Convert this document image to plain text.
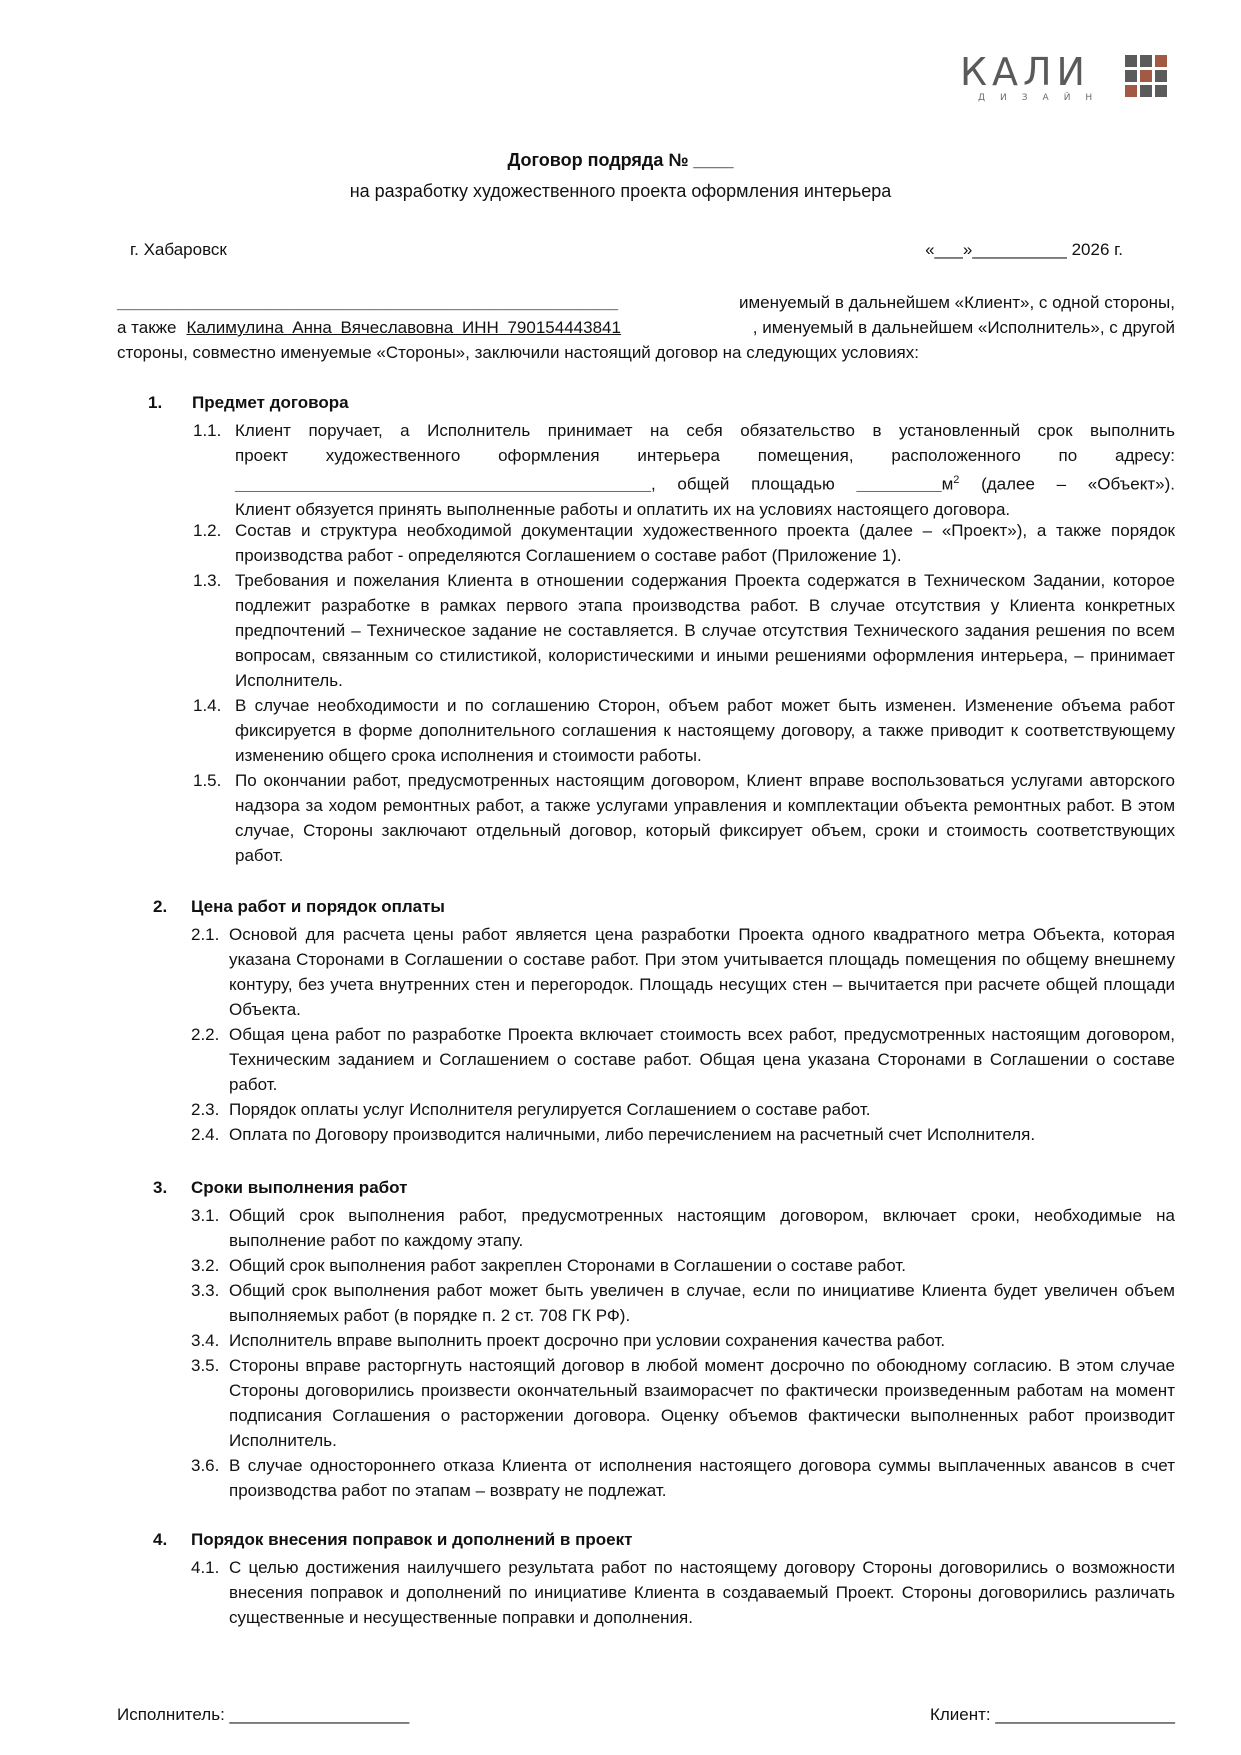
КАЛИ
ДИЗАЙН
Договор подряда № ____
на разработку художественного проекта оформления интерьера
г. Хабаровск	«___»__________ 2026 г.
_____________________________________________________	именуемый в дальнейшем «Клиент», с одной стороны,
а также Калимулина Анна Вячеславовна ИНН 790154443841	, именуемый в дальнейшем «Исполнитель», с другой
стороны, совместно именуемые «Стороны», заключили настоящий договор на следующих условиях:
1. Предмет договора
1.1. Клиент поручает, а Исполнитель принимает на себя обязательство в установленный срок выполнить
проект художественного оформления интерьера помещения, расположенного по адресу:
____________________________________________, общей площадью $\_\_\_\_\_\_\_\_\_м^2$ (далее – «Объект»).
Клиент обязуется принять выполненные работы и оплатить их на условиях настоящего договора.
1.2. Состав и структура необходимой документации художественного проекта (далее – «Проект»), а также порядок производства работ - определяются Соглашением о составе работ (Приложение 1).
1.3. Требования и пожелания Клиента в отношении содержания Проекта содержатся в Техническом Задании, которое подлежит разработке в рамках первого этапа производства работ. В случае отсутствия у Клиента конкретных предпочтений – Техническое задание не составляется. В случае отсутствия Технического задания решения по всем вопросам, связанным со стилистикой, колористическими и иными решениями оформления интерьера, – принимает Исполнитель.
1.4. В случае необходимости и по соглашению Сторон, объем работ может быть изменен. Изменение объема работ фиксируется в форме дополнительного соглашения к настоящему договору, а также приводит к соответствующему изменению общего срока исполнения и стоимости работы.
1.5. По окончании работ, предусмотренных настоящим договором, Клиент вправе воспользоваться услугами авторского надзора за ходом ремонтных работ, а также услугами управления и комплектации объекта ремонтных работ. В этом случае, Стороны заключают отдельный договор, который фиксирует объем, сроки и стоимость соответствующих работ.
2. Цена работ и порядок оплаты
2.1. Основой для расчета цены работ является цена разработки Проекта одного квадратного метра Объекта, которая указана Сторонами в Соглашении о составе работ. При этом учитывается площадь помещения по общему внешнему контуру, без учета внутренних стен и перегородок. Площадь несущих стен – вычитается при расчете общей площади Объекта.
2.2. Общая цена работ по разработке Проекта включает стоимость всех работ, предусмотренных настоящим договором, Техническим заданием и Соглашением о составе работ. Общая цена указана Сторонами в Соглашении о составе работ.
2.3. Порядок оплаты услуг Исполнителя регулируется Соглашением о составе работ.
2.4. Оплата по Договору производится наличными, либо перечислением на расчетный счет Исполнителя.
3. Сроки выполнения работ
3.1. Общий срок выполнения работ, предусмотренных настоящим договором, включает сроки, необходимые на выполнение работ по каждому этапу.
3.2. Общий срок выполнения работ закреплен Сторонами в Соглашении о составе работ.
3.3. Общий срок выполнения работ может быть увеличен в случае, если по инициативе Клиента будет увеличен объем выполняемых работ (в порядке п. 2 ст. 708 ГК РФ).
3.4. Исполнитель вправе выполнить проект досрочно при условии сохранения качества работ.
3.5. Стороны вправе расторгнуть настоящий договор в любой момент досрочно по обоюдному согласию. В этом случае Стороны договорились произвести окончательный взаиморасчет по фактически произведенным работам на момент подписания Соглашения о расторжении договора. Оценку объемов фактически выполненных работ производит Исполнитель.
3.6. В случае одностороннего отказа Клиента от исполнения настоящего договора суммы выплаченных авансов в счет производства работ по этапам – возврату не подлежат.
4. Порядок внесения поправок и дополнений в проект
4.1. С целью достижения наилучшего результата работ по настоящему договору Стороны договорились о возможности внесения поправок и дополнений по инициативе Клиента в создаваемый Проект. Стороны договорились различать существенные и несущественные поправки и дополнения.
Исполнитель: ___________________	Клиент: ___________________
